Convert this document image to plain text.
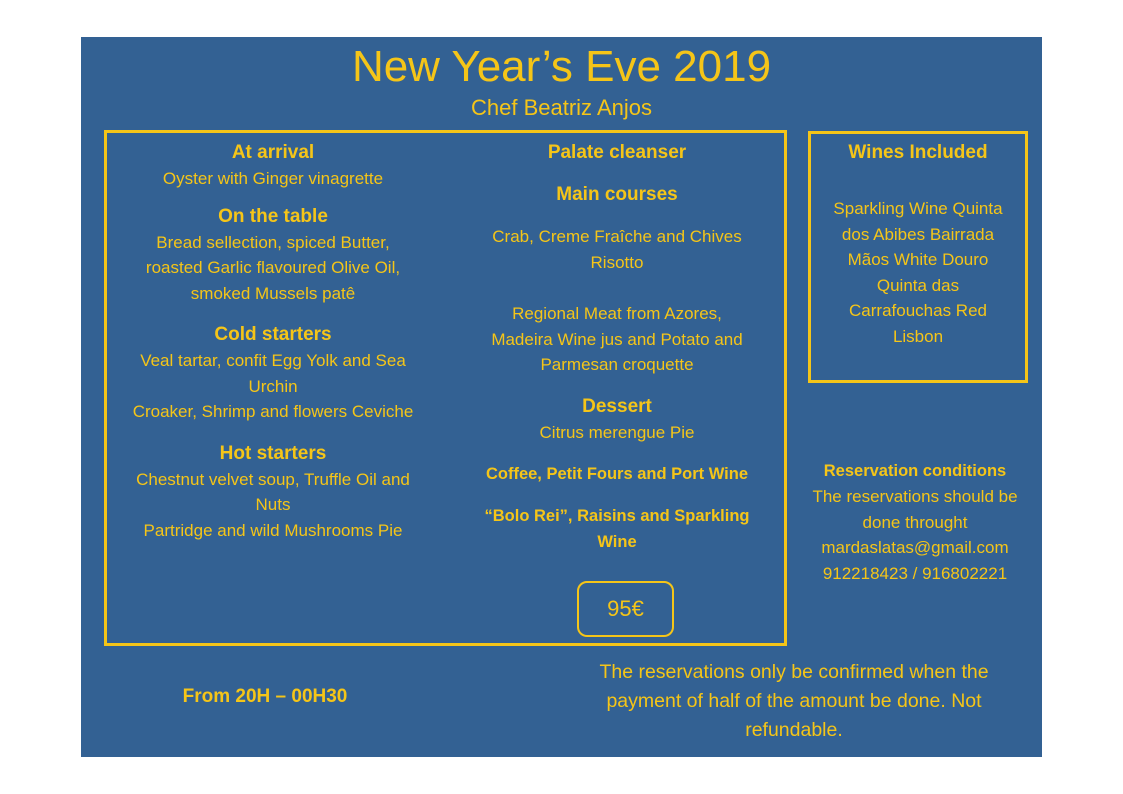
New Year’s Eve 2019
Chef Beatriz Anjos
At arrival
Oyster with Ginger vinagrette
On the table
Bread sellection, spiced Butter,
roasted Garlic flavoured Olive Oil,
smoked Mussels patê
Cold starters
Veal tartar, confit Egg Yolk and Sea
Urchin
Croaker, Shrimp and flowers Ceviche
Hot starters
Chestnut velvet soup, Truffle Oil and
Nuts
Partridge and wild Mushrooms Pie
Palate cleanser
Main courses
Crab, Creme Fraîche and Chives
Risotto
Regional Meat from Azores,
Madeira Wine jus and Potato and
Parmesan croquette
Dessert
Citrus merengue Pie
Coffee, Petit Fours and Port Wine
“Bolo Rei”, Raisins and Sparkling
Wine
95€
Wines Included
Sparkling Wine Quinta
dos Abibes Bairrada
Mãos White Douro
Quinta das
Carrafouchas Red
Lisbon
Reservation conditions
The reservations should be
done throught
mardaslatas@gmail.com
912218423 / 916802221
From 20H – 00H30
The reservations only be confirmed when the
payment of half of the amount be done. Not
refundable.
